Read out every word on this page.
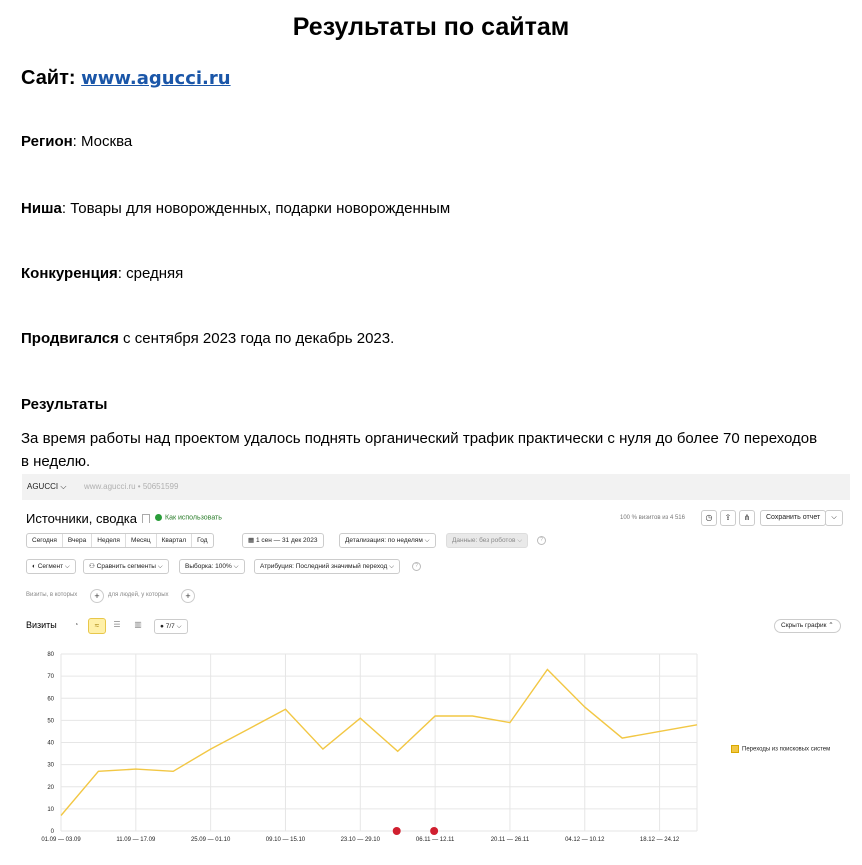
Результаты по сайтам
Сайт: www.agucci.ru
Регион: Москва
Ниша: Товары для новорожденных, подарки новорожденным
Конкуренция: средняя
Продвигался с сентября 2023 года по декабрь 2023.
Результаты
За время работы над проектом удалось поднять органический трафик практически с нуля до более 70 переходов в неделю.
AGUCCI ⌵ www.agucci.ru • 50651599
Источники, сводка	Как использовать	100 % визитов из 4 516	◷	⇪	⋔	Сохранить отчет	⌵
Сегодня	Вчера	Неделя	Месяц	Квартал	Год	▦ 1 сен — 31 дек 2023	Детализация: по неделям ⌵	Данные: без роботов ⌵	?
◐ Сегмент ⌵	⚇ Сравнить сегменты ⌵	Выборка: 100% ⌵	Атрибуция: Последний значимый переход ⌵	?
Визиты, в которых	+	для людей, у которых	+
Визиты	◔	≈	☰	▥	● 7/7 ⌵	Скрыть график ⌃
Переходы из поисковых систем
0
10
20
30
40
50
60
70
80
01.09 — 03.09	11.09 — 17.09	25.09 — 01.10	09.10 — 15.10	23.10 — 29.10	06.11 — 12.11	20.11 — 26.11	04.12 — 10.12	18.12 — 24.12
